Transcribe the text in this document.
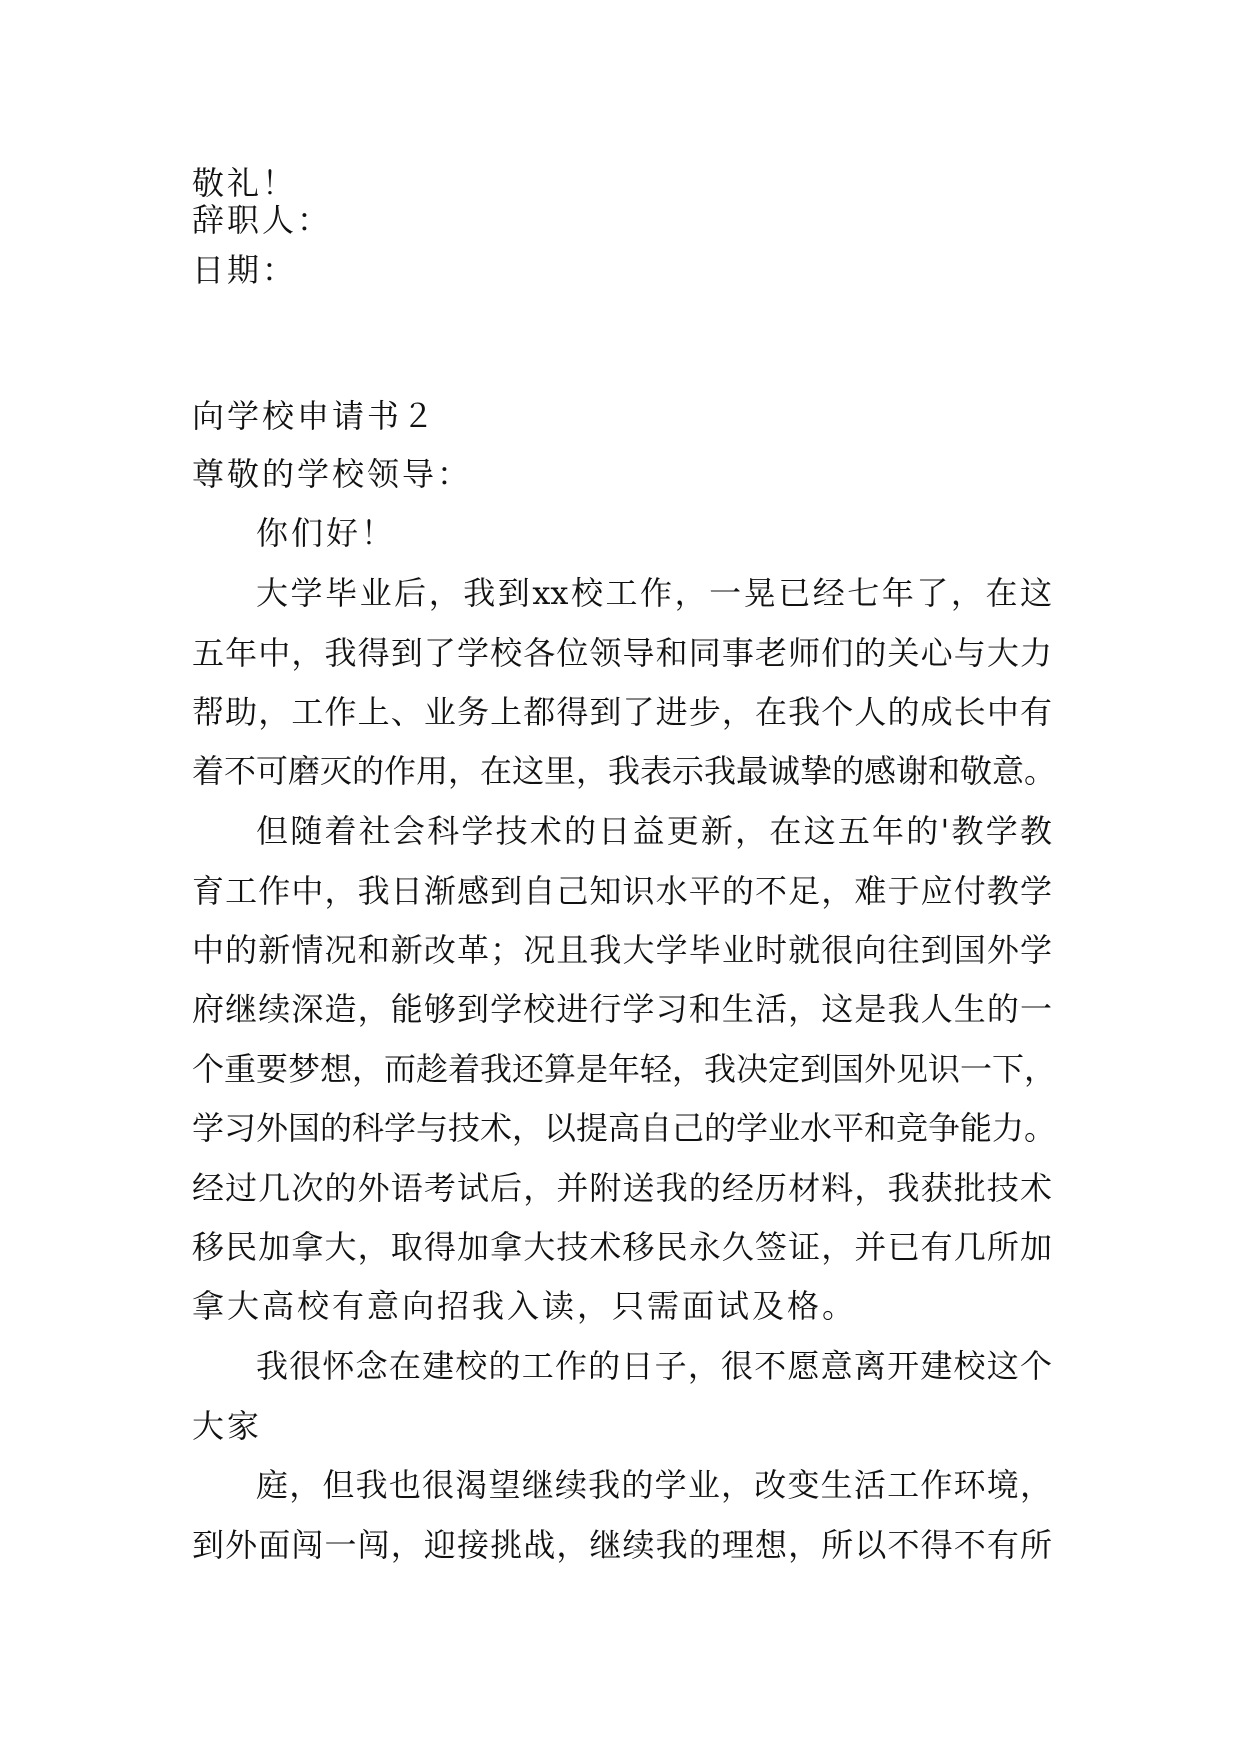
敬礼！

辞职人：

日期：

向学校申请书２

尊敬的学校领导：

你们好！

大学毕业后，我到xx校工作，一晃已经七年了，在这

五年中，我得到了学校各位领导和同事老师们的关心与大力

帮助，工作上、业务上都得到了进步，在我个人的成长中有

着不可磨灭的作用，在这里，我表示我最诚挚的感谢和敬意。

但随着社会科学技术的日益更新，在这五年的'教学教

育工作中，我日渐感到自己知识水平的不足，难于应付教学

中的新情况和新改革；况且我大学毕业时就很向往到国外学

府继续深造，能够到学校进行学习和生活，这是我人生的一

个重要梦想，而趁着我还算是年轻，我决定到国外见识一下，

学习外国的科学与技术，以提高自己的学业水平和竞争能力。

经过几次的外语考试后，并附送我的经历材料，我获批技术

移民加拿大，取得加拿大技术移民永久签证，并已有几所加

拿大高校有意向招我入读，只需面试及格。

我很怀念在建校的工作的日子，很不愿意离开建校这个

大家

庭，但我也很渴望继续我的学业，改变生活工作环境，

到外面闯一闯，迎接挑战，继续我的理想，所以不得不有所
